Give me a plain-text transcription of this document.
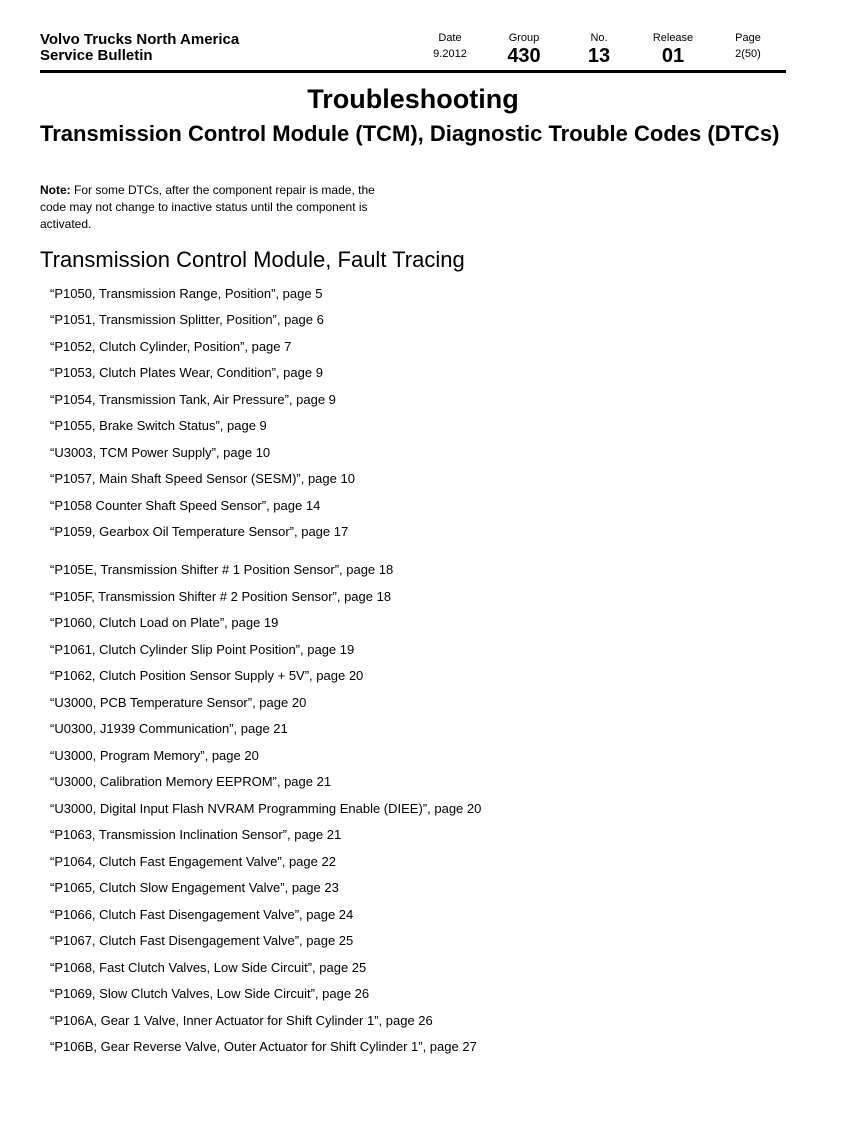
Volvo Trucks North America
Service Bulletin
Date
9.2012
Group
430
No.
13
Release
01
Page
2(50)
Troubleshooting
Transmission Control Module (TCM), Diagnostic Trouble Codes (DTCs)
Note: For some DTCs, after the component repair is made, the code may not change to inactive status until the component is activated.
Transmission Control Module, Fault Tracing
“P1050, Transmission Range, Position”, page 5
“P1051, Transmission Splitter, Position”, page 6
“P1052, Clutch Cylinder, Position”, page 7
“P1053, Clutch Plates Wear, Condition”, page 9
“P1054, Transmission Tank, Air Pressure”, page 9
“P1055, Brake Switch Status”, page 9
“U3003, TCM Power Supply”, page 10
“P1057, Main Shaft Speed Sensor (SESM)”, page 10
“P1058 Counter Shaft Speed Sensor”, page 14
“P1059, Gearbox Oil Temperature Sensor”, page 17
“P105E, Transmission Shifter # 1 Position Sensor”, page 18
“P105F, Transmission Shifter # 2 Position Sensor”, page 18
“P1060, Clutch Load on Plate”, page 19
“P1061, Clutch Cylinder Slip Point Position”, page 19
“P1062, Clutch Position Sensor Supply + 5V”, page 20
“U3000, PCB Temperature Sensor”, page 20
“U0300, J1939 Communication”, page 21
“U3000, Program Memory”, page 20
“U3000, Calibration Memory EEPROM”, page 21
“U3000, Digital Input Flash NVRAM Programming Enable (DIEE)”, page 20
“P1063, Transmission Inclination Sensor”, page 21
“P1064, Clutch Fast Engagement Valve”, page 22
“P1065, Clutch Slow Engagement Valve”, page 23
“P1066, Clutch Fast Disengagement Valve”, page 24
“P1067, Clutch Fast Disengagement Valve”, page 25
“P1068, Fast Clutch Valves, Low Side Circuit”, page 25
“P1069, Slow Clutch Valves, Low Side Circuit”, page 26
“P106A, Gear 1 Valve, Inner Actuator for Shift Cylinder 1”, page 26
“P106B, Gear Reverse Valve, Outer Actuator for Shift Cylinder 1”, page 27
